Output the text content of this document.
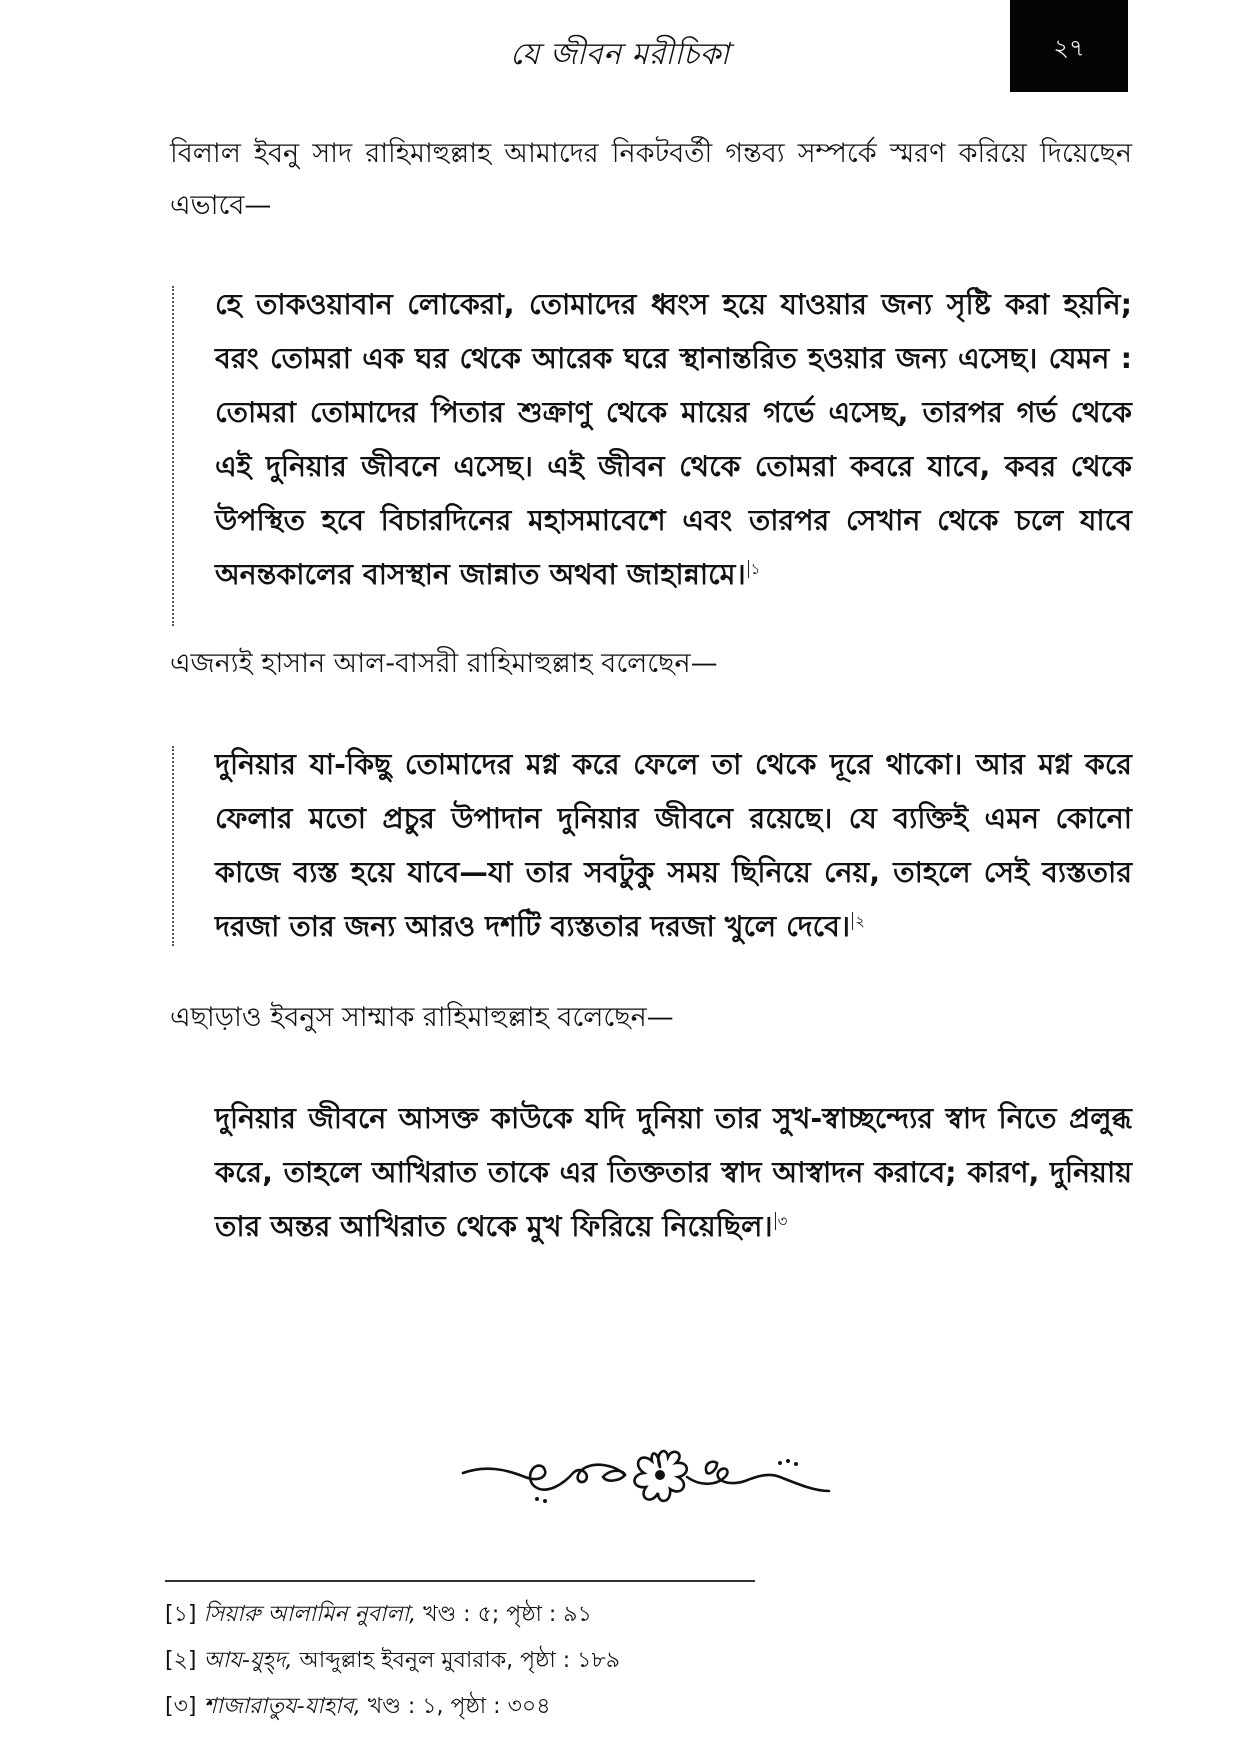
যে জীবন মরীচিকা	২৭

বিলাল ইবনু সাদ রাহিমাহুল্লাহ আমাদের নিকটবর্তী গন্তব্য সম্পর্কে স্মরণ করিয়ে দিয়েছেন এভাবে—

হে তাকওয়াবান লোকেরা, তোমাদের ধ্বংস হয়ে যাওয়ার জন্য সৃষ্টি করা হয়নি; বরং তোমরা এক ঘর থেকে আরেক ঘরে স্থানান্তরিত হওয়ার জন্য এসেছ। যেমন : তোমরা তোমাদের পিতার শুক্রাণু থেকে মায়ের গর্ভে এসেছ, তারপর গর্ভ থেকে এই দুনিয়ার জীবনে এসেছ। এই জীবন থেকে তোমরা কবরে যাবে, কবর থেকে উপস্থিত হবে বিচারদিনের মহাসমাবেশে এবং তারপর সেখান থেকে চলে যাবে অনন্তকালের বাসস্থান জান্নাত অথবা জাহান্নামে। $^১$

এজন্যই হাসান আল-বাসরী রাহিমাহুল্লাহ বলেছেন—

দুনিয়ার যা-কিছু তোমাদের মগ্ন করে ফেলে তা থেকে দূরে থাকো। আর মগ্ন করে ফেলার মতো প্রচুর উপাদান দুনিয়ার জীবনে রয়েছে। যে ব্যক্তিই এমন কোনো কাজে ব্যস্ত হয়ে যাবে—যা তার সবটুকু সময় ছিনিয়ে নেয়, তাহলে সেই ব্যস্ততার দরজা তার জন্য আরও দশটি ব্যস্ততার দরজা খুলে দেবে। $^২$

এছাড়াও ইবনুস সাম্মাক রাহিমাহুল্লাহ বলেছেন—

দুনিয়ার জীবনে আসক্ত কাউকে যদি দুনিয়া তার সুখ-স্বাচ্ছন্দ্যের স্বাদ নিতে প্রলুব্ধ করে, তাহলে আখিরাত তাকে এর তিক্ততার স্বাদ আস্বাদন করাবে; কারণ, দুনিয়ায় তার অন্তর আখিরাত থেকে মুখ ফিরিয়ে নিয়েছিল। $^৩$

[১] সিয়ারু আলামিন নুবালা, খণ্ড : ৫; পৃষ্ঠা : ৯১

[২] আয-যুহ্দ, আব্দুল্লাহ ইবনুল মুবারাক, পৃষ্ঠা : ১৮৯

[৩] শাজারাতুয-যাহাব, খণ্ড : ১, পৃষ্ঠা : ৩০৪
